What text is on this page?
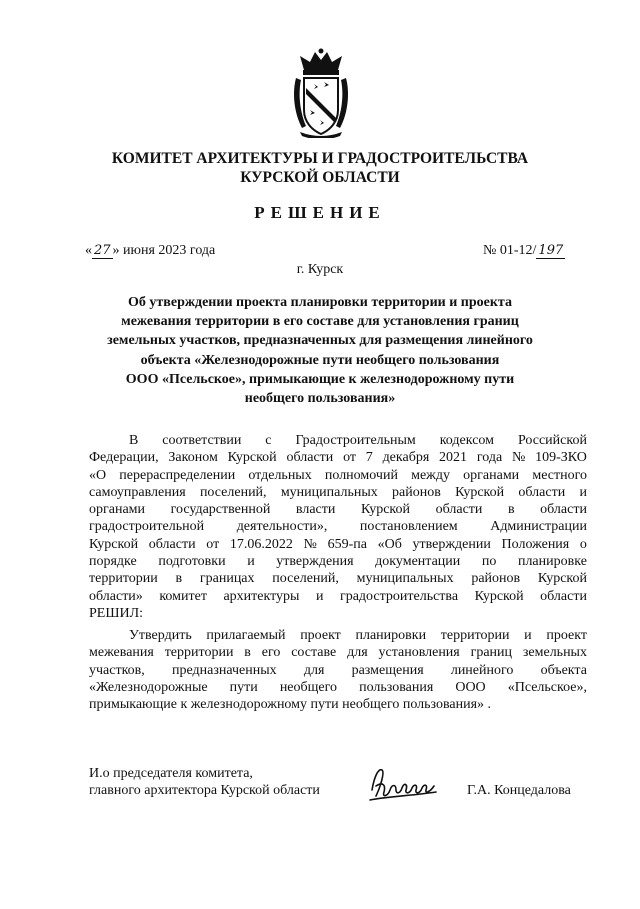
КОМИТЕТ АРХИТЕКТУРЫ И ГРАДОСТРОИТЕЛЬСТВА
КУРСКОЙ ОБЛАСТИ
РЕШЕНИЕ
« 27 » июня 2023 года	№ 01-12/ 197
г. Курск
Об утверждении проекта планировки территории и проекта
межевания территории в его составе для установления границ
земельных участков, предназначенных для размещения линейного
объекта «Железнодорожные пути необщего пользования
ООО «Псельское», примыкающие к железнодорожному пути
необщего пользования»
В соответствии с Градостроительным кодексом Российской
Федерации, Законом Курской области от 7 декабря 2021 года № 109-ЗКО
«О перераспределении отдельных полномочий между органами местного
самоуправления поселений, муниципальных районов Курской области и
органами государственной власти Курской области в области
градостроительной деятельности», постановлением Администрации
Курской области от 17.06.2022 № 659-па «Об утверждении Положения о
порядке подготовки и утверждения документации по планировке
территории в границах поселений, муниципальных районов Курской
области» комитет архитектуры и градостроительства Курской области
РЕШИЛ:
Утвердить прилагаемый проект планировки территории и проект
межевания территории в его составе для установления границ земельных
участков, предназначенных для размещения линейного объекта
«Железнодорожные пути необщего пользования ООО «Псельское»,
примыкающие к железнодорожному пути необщего пользования» .
И.о председателя комитета,
главного архитектора Курской области	Г.А. Концедалова
